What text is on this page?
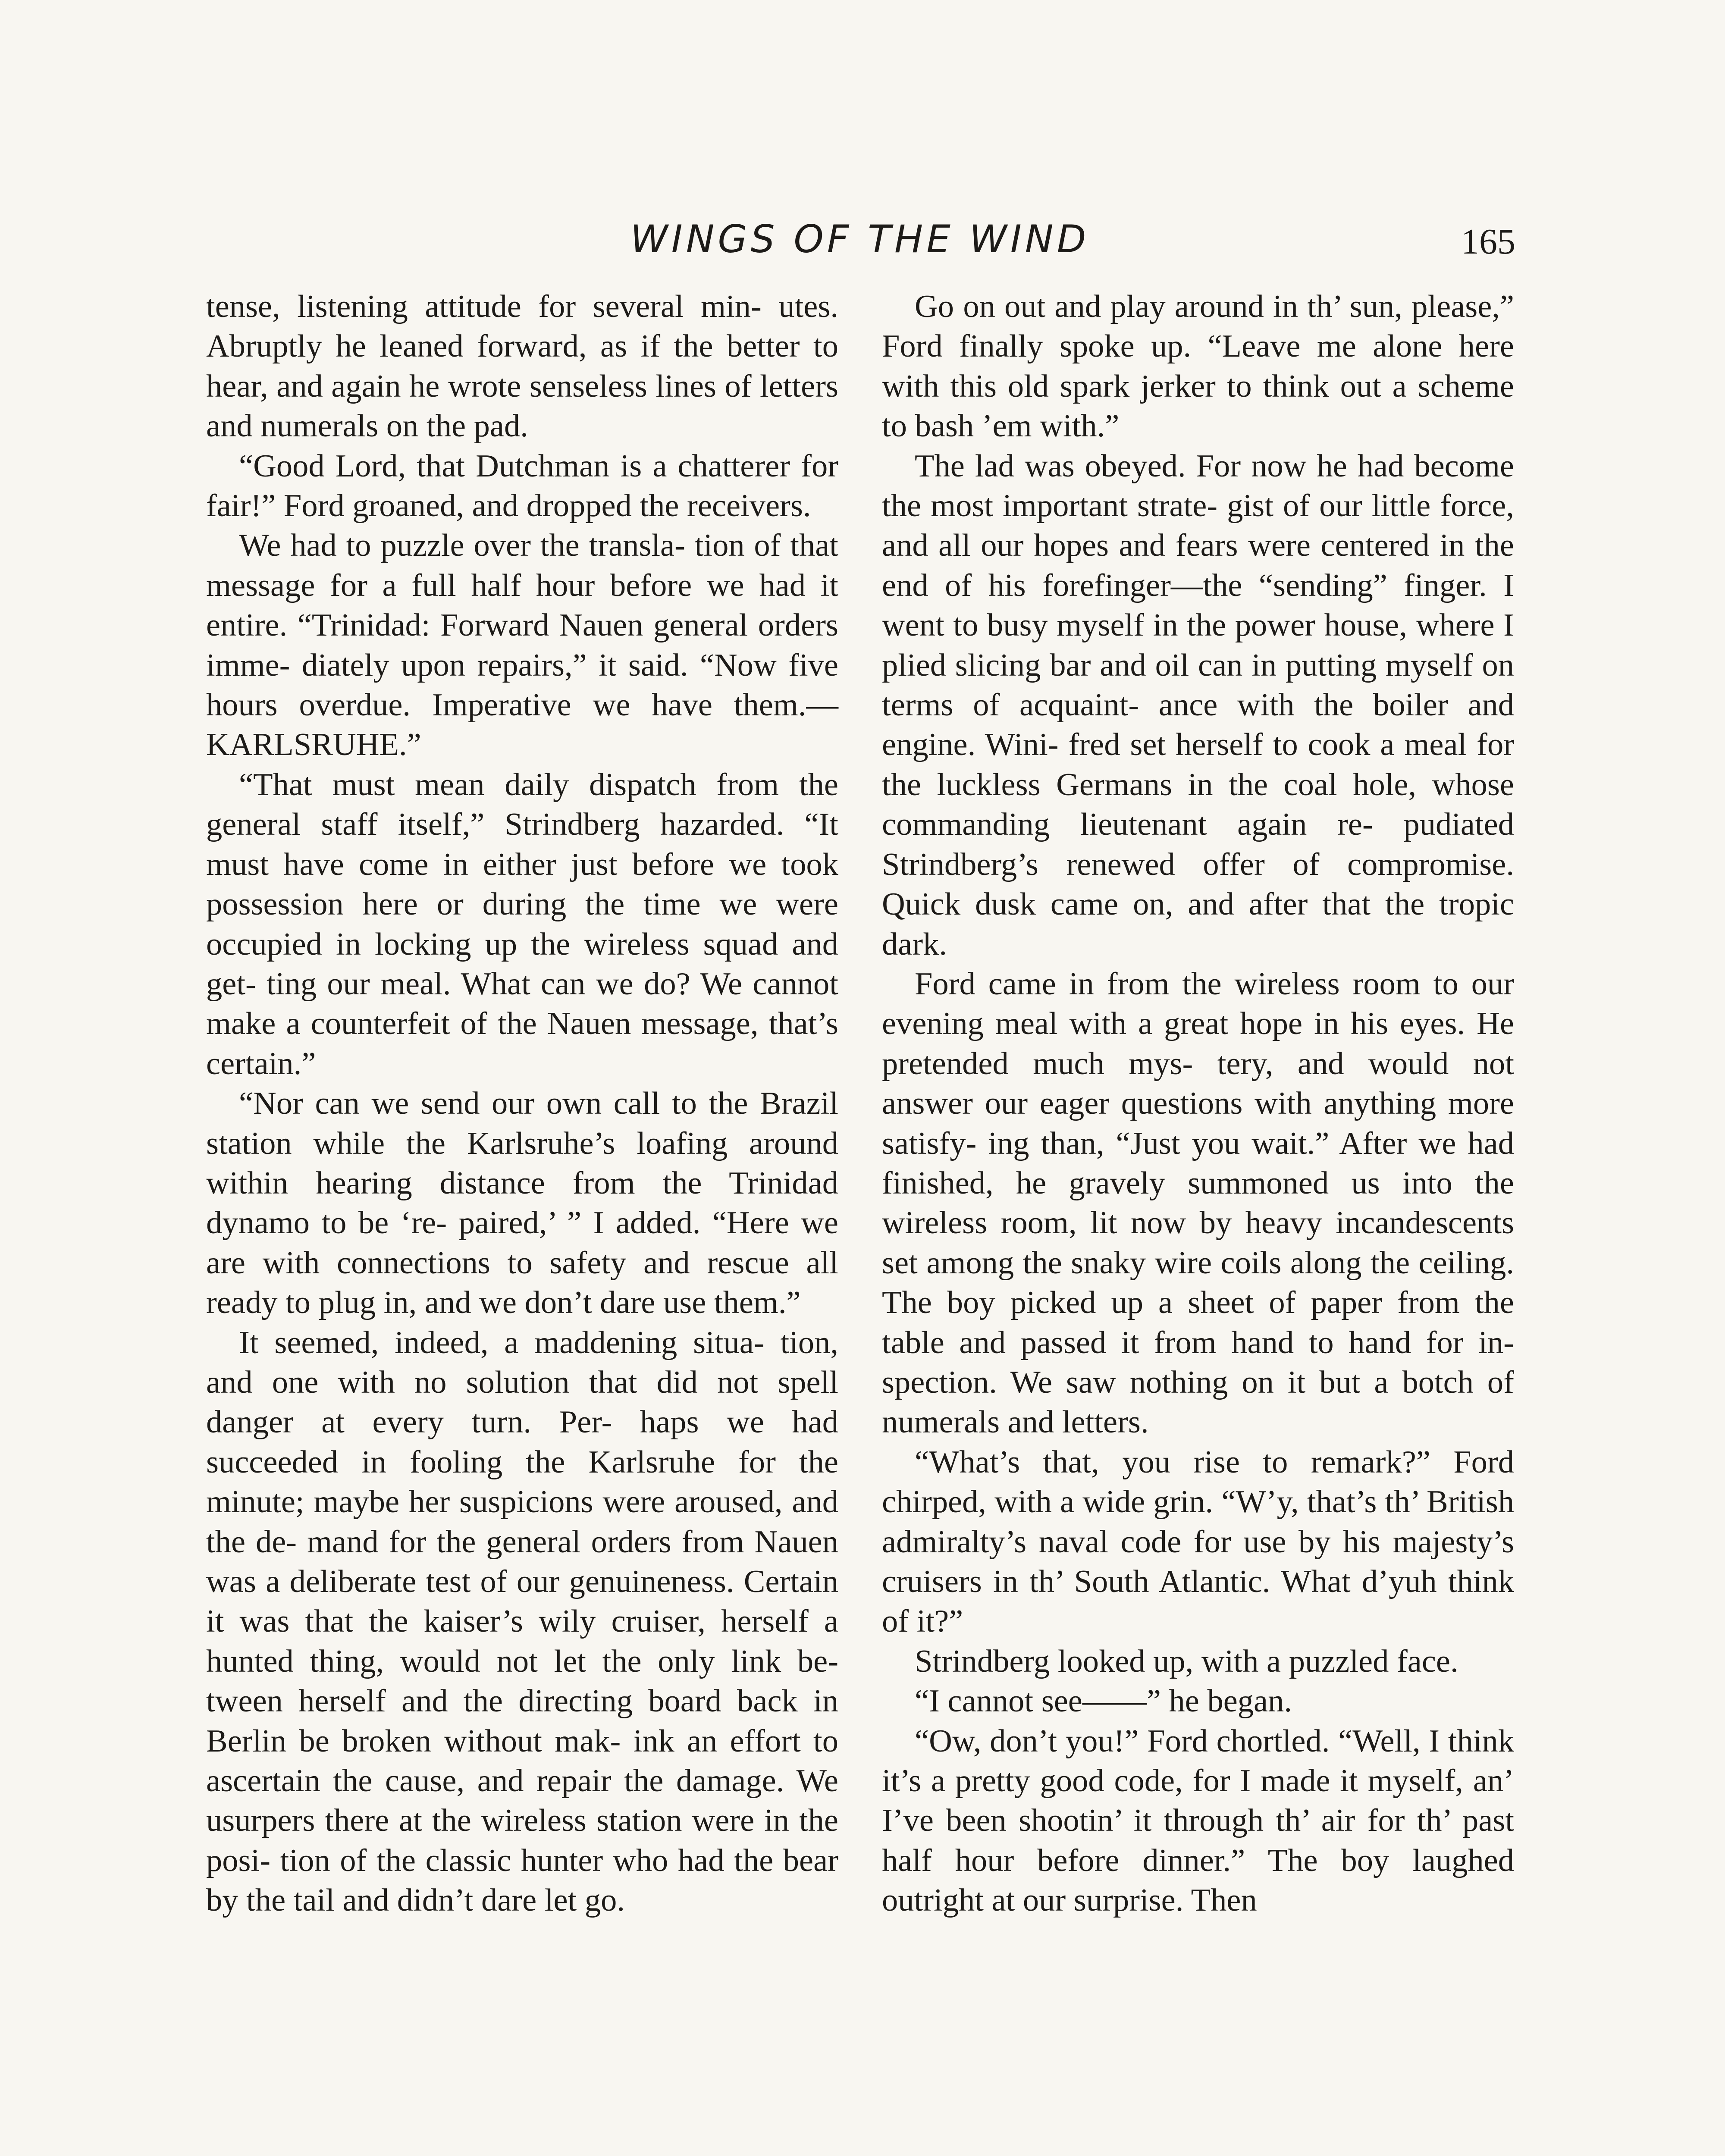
WINGS OF THE WIND	165

tense, listening attitude for several min- utes. Abruptly he leaned forward, as if the better to hear, and again he wrote senseless lines of letters and numerals on the pad.

“Good Lord, that Dutchman is a chatterer for fair!” Ford groaned, and dropped the receivers.

We had to puzzle over the transla- tion of that message for a full half hour before we had it entire. “Trinidad: Forward Nauen general orders imme- diately upon repairs,” it said. “Now five hours overdue. Imperative we have them.—KARLSRUHE.”

“That must mean daily dispatch from the general staff itself,” Strindberg hazarded. “It must have come in either just before we took possession here or during the time we were occupied in locking up the wireless squad and get- ting our meal. What can we do? We cannot make a counterfeit of the Nauen message, that’s certain.”

“Nor can we send our own call to the Brazil station while the Karlsruhe’s loafing around within hearing distance from the Trinidad dynamo to be ‘re- paired,’ ” I added. “Here we are with connections to safety and rescue all ready to plug in, and we don’t dare use them.”

It seemed, indeed, a maddening situa- tion, and one with no solution that did not spell danger at every turn. Per- haps we had succeeded in fooling the Karlsruhe for the minute; maybe her suspicions were aroused, and the de- mand for the general orders from Nauen was a deliberate test of our genuineness. Certain it was that the kaiser’s wily cruiser, herself a hunted thing, would not let the only link be- tween herself and the directing board back in Berlin be broken without mak- ink an effort to ascertain the cause, and repair the damage. We usurpers there at the wireless station were in the posi- tion of the classic hunter who had the bear by the tail and didn’t dare let go.

Go on out and play around in th’ sun, please,” Ford finally spoke up. “Leave me alone here with this old spark jerker to think out a scheme to bash ’em with.”

The lad was obeyed. For now he had become the most important strate- gist of our little force, and all our hopes and fears were centered in the end of his forefinger—the “sending” finger. I went to busy myself in the power house, where I plied slicing bar and oil can in putting myself on terms of acquaint- ance with the boiler and engine. Wini- fred set herself to cook a meal for the luckless Germans in the coal hole, whose commanding lieutenant again re- pudiated Strindberg’s renewed offer of compromise. Quick dusk came on, and after that the tropic dark.

Ford came in from the wireless room to our evening meal with a great hope in his eyes. He pretended much mys- tery, and would not answer our eager questions with anything more satisfy- ing than, “Just you wait.” After we had finished, he gravely summoned us into the wireless room, lit now by heavy incandescents set among the snaky wire coils along the ceiling. The boy picked up a sheet of paper from the table and passed it from hand to hand for in- spection. We saw nothing on it but a botch of numerals and letters.

“What’s that, you rise to remark?” Ford chirped, with a wide grin. “W’y, that’s th’ British admiralty’s naval code for use by his majesty’s cruisers in th’ South Atlantic. What d’yuh think of it?”

Strindberg looked up, with a puzzled face.

“I cannot see——” he began.

“Ow, don’t you!” Ford chortled. “Well, I think it’s a pretty good code, for I made it myself, an’ I’ve been shootin’ it through th’ air for th’ past half hour before dinner.” The boy laughed outright at our surprise. Then
